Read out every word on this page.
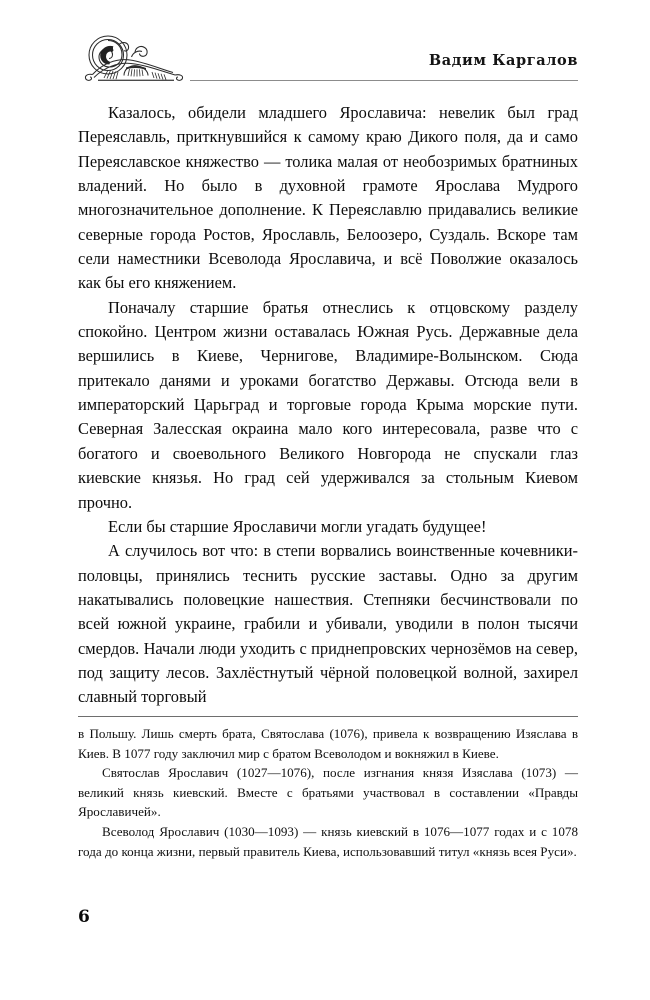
Вадим Каргалов

Казалось, обидели младшего Ярославича: невелик был град Переяславль, приткнувшийся к самому краю Дикого поля, да и само Переяславское княжество — толика малая от необозримых братниных владений. Но было в духовной грамоте Ярослава Мудрого многозначительное дополнение. К Переяславлю придавались великие северные города Ростов, Ярославль, Белоозеро, Суздаль. Вскоре там сели наместники Всеволода Ярославича, и всё Поволжие оказалось как бы его княжением.

Поначалу старшие братья отнеслись к отцовскому разделу спокойно. Центром жизни оставалась Южная Русь. Державные дела вершились в Киеве, Чернигове, Владимире-Волынском. Сюда притекало данями и уроками богатство Державы. Отсюда вели в императорский Царьград и торговые города Крыма морские пути. Северная Залесская окраина мало кого интересовала, разве что с богатого и своевольного Великого Новгорода не спускали глаз киевские князья. Но град сей удерживался за стольным Киевом прочно.

Если бы старшие Ярославичи могли угадать будущее!

А случилось вот что: в степи ворвались воинственные кочевники-половцы, принялись теснить русские заставы. Одно за другим накатывались половецкие нашествия. Степняки бесчинствовали по всей южной украине, грабили и убивали, уводили в полон тысячи смердов. Начали люди уходить с приднепровских чернозёмов на север, под защиту лесов. Захлёстнутый чёрной половецкой волной, захирел славный торговый

в Польшу. Лишь смерть брата, Святослава (1076), привела к возвращению Изяслава в Киев. В 1077 году заключил мир с братом Всеволодом и вокняжил в Киеве.

Святослав Ярославич (1027—1076), после изгнания князя Изяслава (1073) — великий князь киевский. Вместе с братьями участвовал в составлении «Правды Ярославичей».

Всеволод Ярославич (1030—1093) — князь киевский в 1076—1077 годах и с 1078 года до конца жизни, первый правитель Киева, использовавший титул «князь всея Руси».

6
